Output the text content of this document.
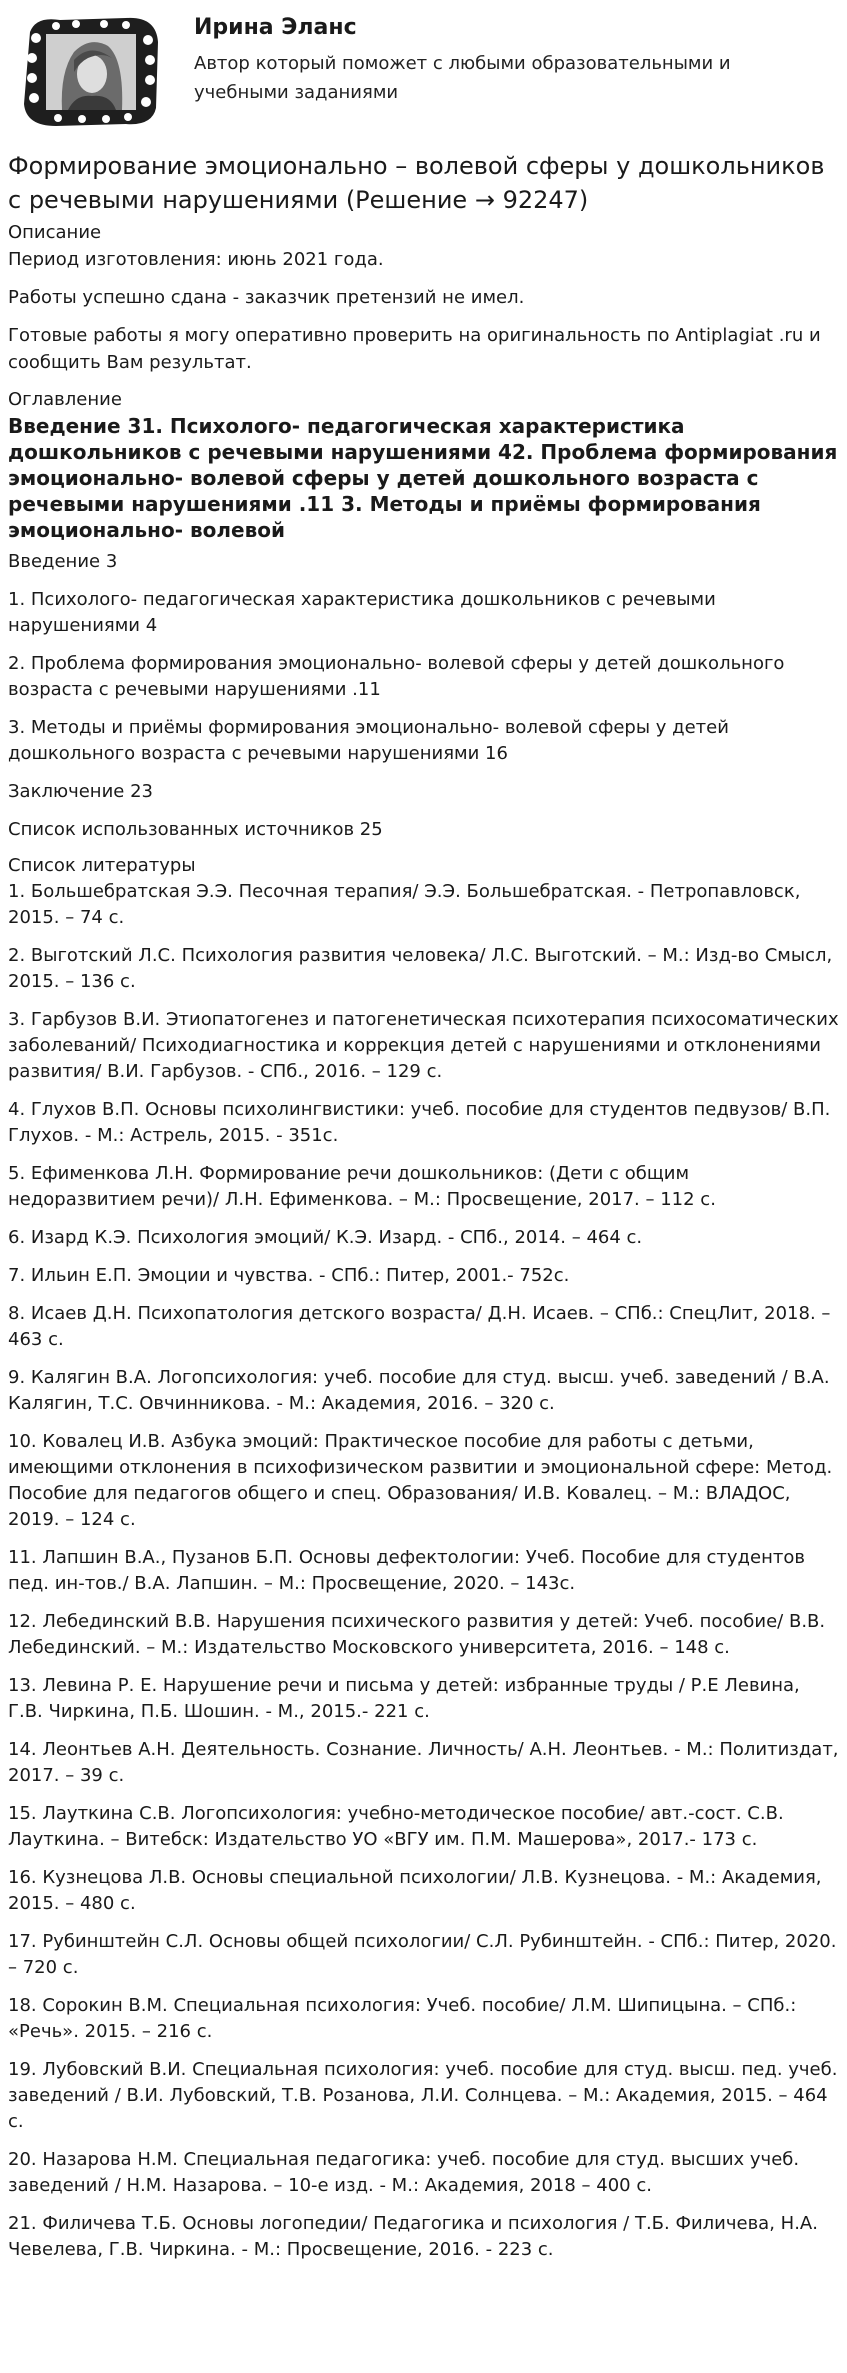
Ирина Эланс
Автор который поможет с любыми образовательными и учебными заданиями
Формирование эмоционально – волевой сферы у дошкольников с речевыми нарушениями (Решение → 92247)
Описание
Период изготовления: июнь 2021 года.
Работы успешно сдана - заказчик претензий не имел.
Готовые работы я могу оперативно проверить на оригинальность по Antiplagiat .ru и сообщить Вам результат.
Оглавление
Введение 31. Психолого- педагогическая характеристика дошкольников с речевыми нарушениями 42. Проблема формирования эмоционально- волевой сферы у детей дошкольного возраста с речевыми нарушениями .11 3. Методы и приёмы формирования эмоционально- волевой
Введение 3
1. Психолого- педагогическая характеристика дошкольников с речевыми нарушениями 4
2. Проблема формирования эмоционально- волевой сферы у детей дошкольного возраста с речевыми нарушениями .11
3. Методы и приёмы формирования эмоционально- волевой сферы у детей дошкольного возраста с речевыми нарушениями 16
Заключение 23
Список использованных источников 25
Список литературы
1. Большебратская Э.Э. Песочная терапия/ Э.Э. Большебратская. - Петропавловск, 2015. – 74 с.
2. Выготский Л.С. Психология развития человека/ Л.С. Выготский. – М.: Изд-во Смысл, 2015. – 136 с.
3. Гарбузов В.И. Этиопатогенез и патогенетическая психотерапия психосоматических заболеваний/ Психодиагностика и коррекция детей с нарушениями и отклонениями развития/ В.И. Гарбузов. - СПб., 2016. – 129 с.
4. Глухов В.П. Основы психолингвистики: учеб. пособие для студентов педвузов/ В.П. Глухов. - М.: Астрель, 2015. - 351с.
5. Ефименкова Л.Н. Формирование речи дошкольников: (Дети с общим недоразвитием речи)/ Л.Н. Ефименкова. – М.: Просвещение, 2017. – 112 с.
6. Изард К.Э. Психология эмоций/ К.Э. Изард. - СПб., 2014. – 464 с.
7. Ильин Е.П. Эмоции и чувства. - СПб.: Питер, 2001.- 752с.
8. Исаев Д.Н. Психопатология детского возраста/ Д.Н. Исаев. – СПб.: СпецЛит, 2018. – 463 с.
9. Калягин В.А. Логопсихология: учеб. пособие для студ. высш. учеб. заведений / В.А. Калягин, Т.С. Овчинникова. - М.: Академия, 2016. – 320 с.
10. Ковалец И.В. Азбука эмоций: Практическое пособие для работы с детьми, имеющими отклонения в психофизическом развитии и эмоциональной сфере: Метод. Пособие для педагогов общего и спец. Образования/ И.В. Ковалец. – М.: ВЛАДОС, 2019. – 124 с.
11. Лапшин В.А., Пузанов Б.П. Основы дефектологии: Учеб. Пособие для студентов пед. ин-тов./ В.А. Лапшин. – М.: Просвещение, 2020. – 143с.
12. Лебединский В.В. Нарушения психического развития у детей: Учеб. пособие/ В.В. Лебединский. – М.: Издательство Московского университета, 2016. – 148 с.
13. Левина Р. Е. Нарушение речи и письма у детей: избранные труды / Р.Е Левина, Г.В. Чиркина, П.Б. Шошин. - М., 2015.- 221 с.
14. Леонтьев А.Н. Деятельность. Сознание. Личность/ А.Н. Леонтьев. - М.: Политиздат, 2017. – 39 с.
15. Лауткина С.В. Логопсихология: учебно-методическое пособие/ авт.-сост. С.В. Лауткина. – Витебск: Издательство УО «ВГУ им. П.М. Машерова», 2017.- 173 с.
16. Кузнецова Л.В. Основы специальной психологии/ Л.В. Кузнецова. - М.: Академия, 2015. – 480 с.
17. Рубинштейн С.Л. Основы общей психологии/ С.Л. Рубинштейн. - СПб.: Питер, 2020. – 720 с.
18. Сорокин В.М. Специальная психология: Учеб. пособие/ Л.М. Шипицына. – СПб.: «Речь». 2015. – 216 с.
19. Лубовский В.И. Специальная психология: учеб. пособие для студ. высш. пед. учеб. заведений / В.И. Лубовский, Т.В. Розанова, Л.И. Солнцева. – М.: Академия, 2015. – 464 с.
20. Назарова Н.М. Специальная педагогика: учеб. пособие для студ. высших учеб. заведений / Н.М. Назарова. – 10-е изд. - М.: Академия, 2018 – 400 с.
21. Филичева Т.Б. Основы логопедии/ Педагогика и психология / Т.Б. Филичева, Н.А. Чевелева, Г.В. Чиркина. - М.: Просвещение, 2016. - 223 с.
